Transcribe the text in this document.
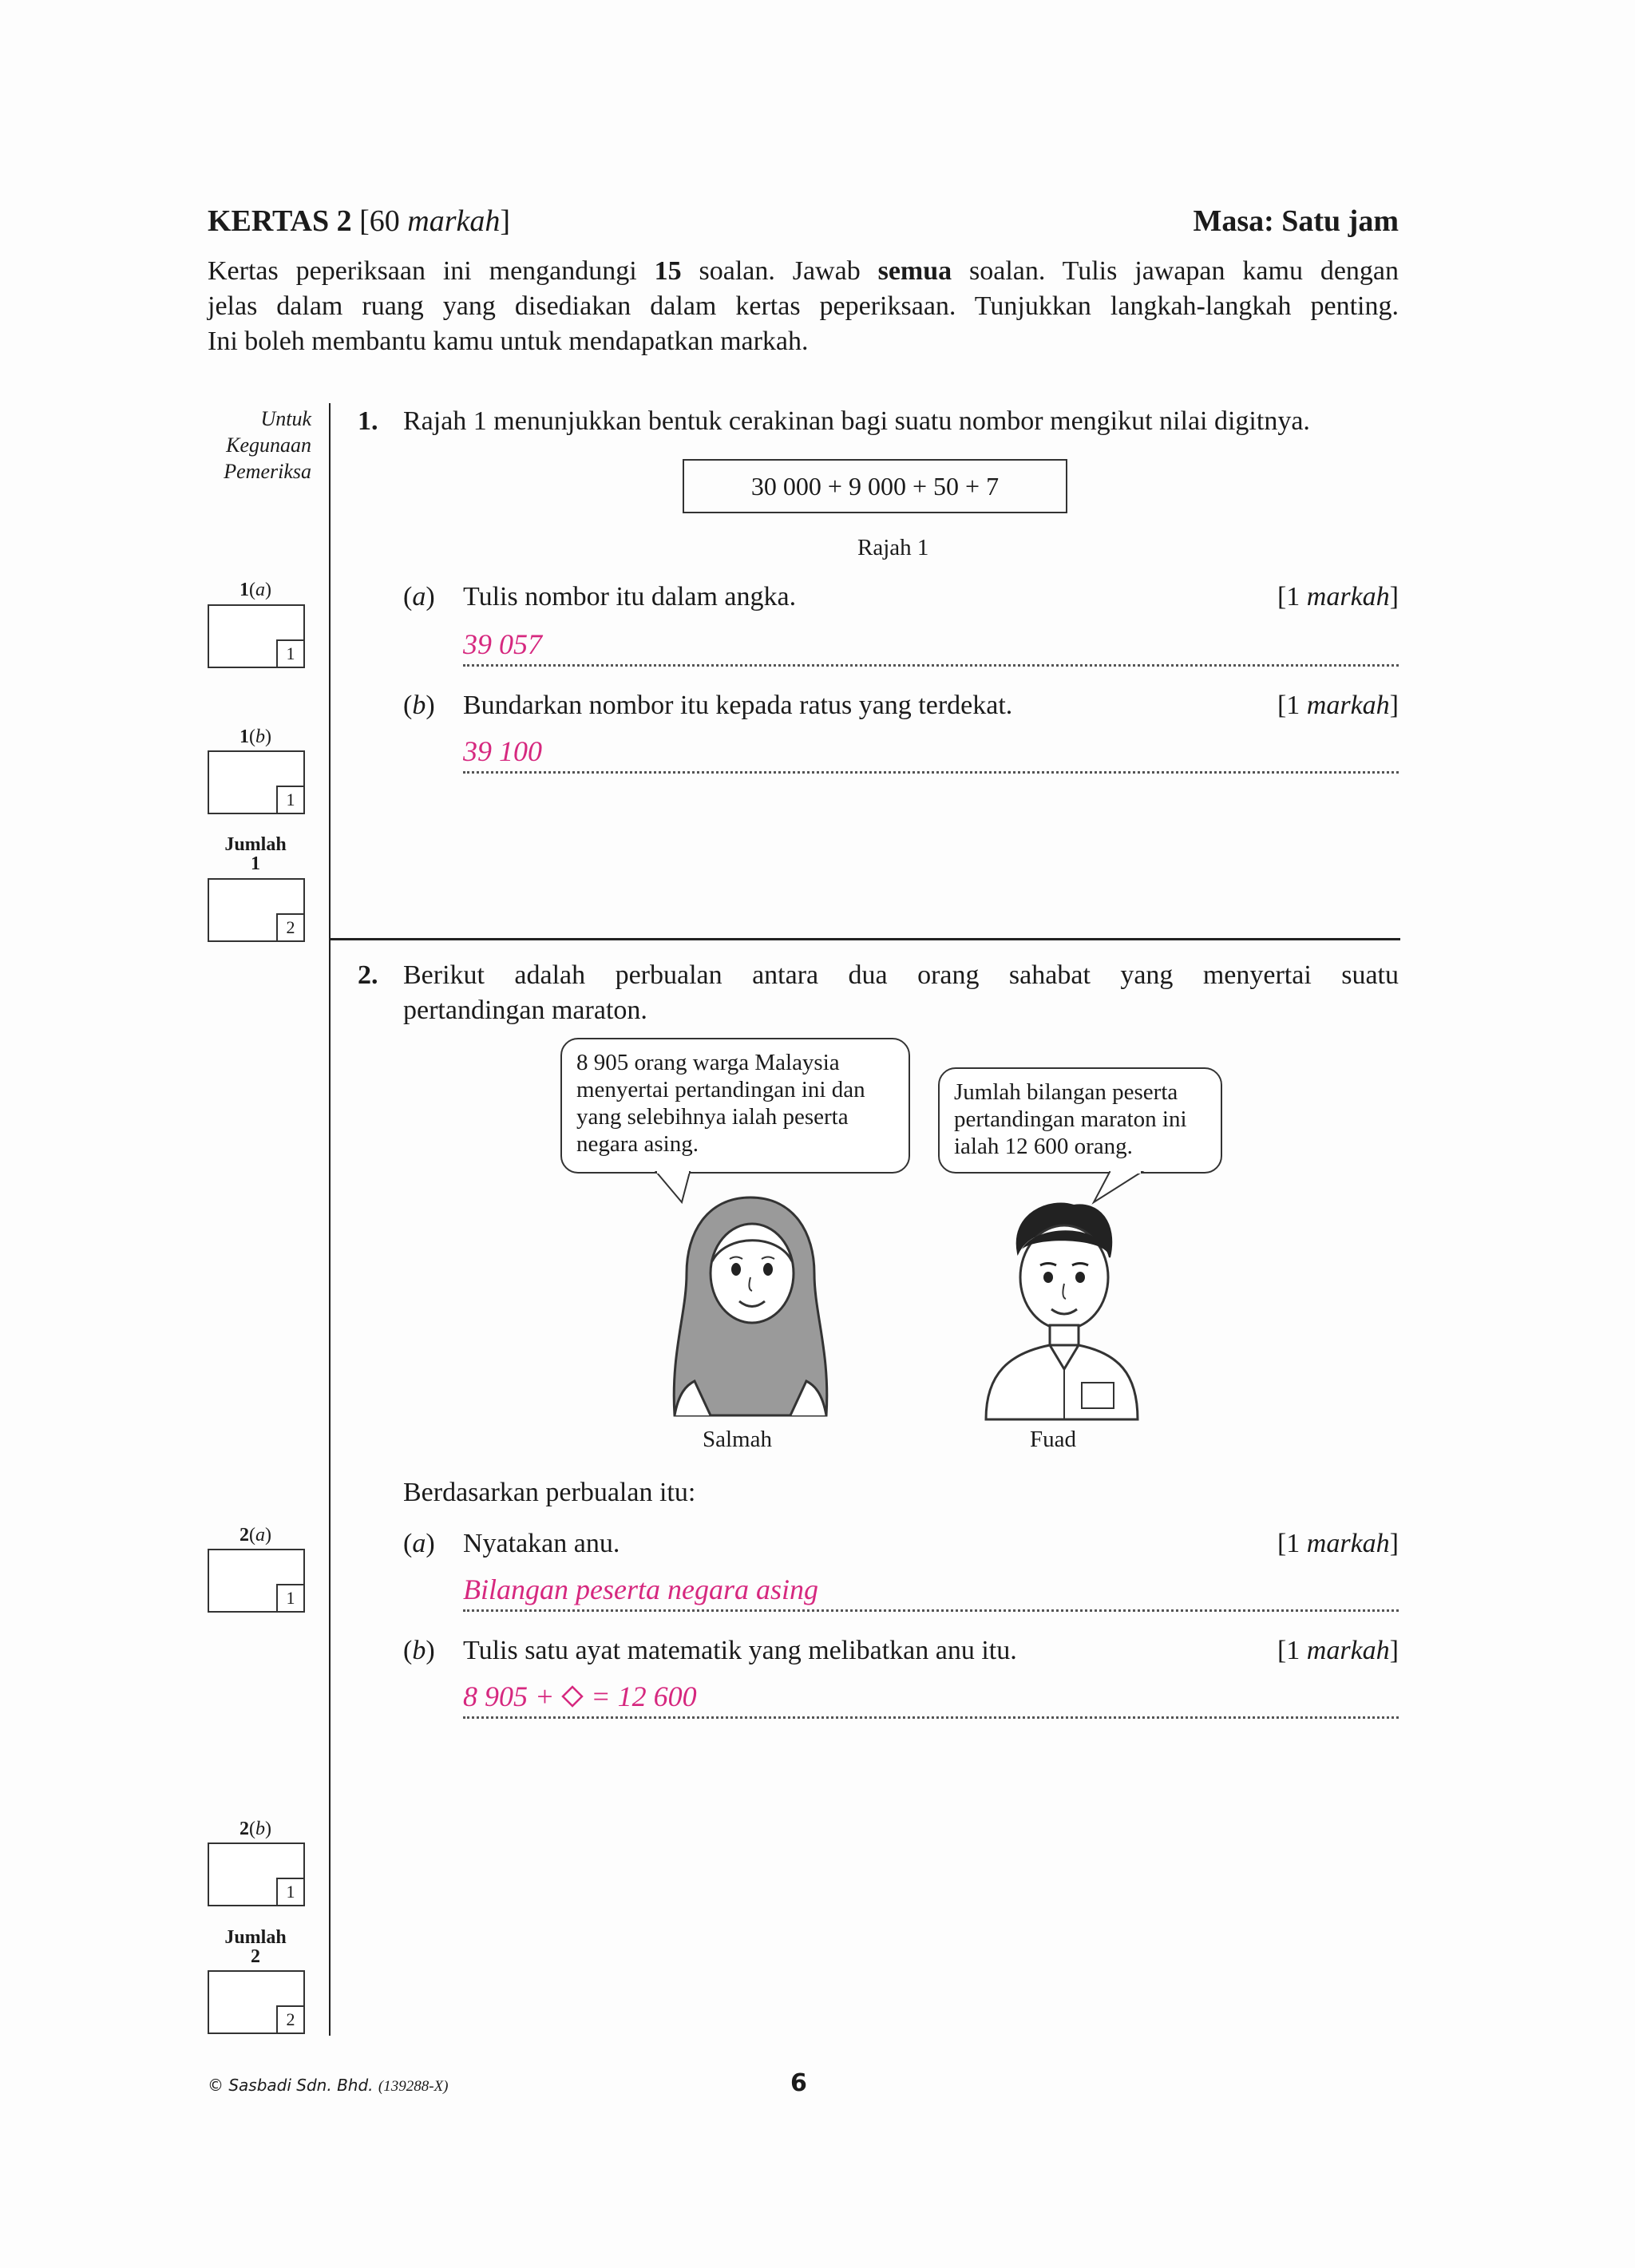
KERTAS 2 [60 markah]	Masa: Satu jam
Kertas peperiksaan ini mengandungi 15 soalan. Jawab semua soalan. Tulis jawapan kamu dengan
jelas dalam ruang yang disediakan dalam kertas peperiksaan. Tunjukkan langkah-langkah penting.
Ini boleh membantu kamu untuk mendapatkan markah.
Untuk
Kegunaan
Pemeriksa
1(a)
1
1(b)
1
Jumlah
1
2
2(a)
1
2(b)
1
Jumlah
2
2
1. Rajah 1 menunjukkan bentuk cerakinan bagi suatu nombor mengikut nilai digitnya.
30 000 + 9 000 + 50 + 7
Rajah 1
(a) Tulis nombor itu dalam angka.	[1 markah]
39 057
(b) Bundarkan nombor itu kepada ratus yang terdekat.	[1 markah]
39 100
2. Berikut adalah perbualan antara dua orang sahabat yang menyertai suatu
pertandingan maraton.
8 905 orang warga Malaysia
menyertai pertandingan ini dan
yang selebihnya ialah peserta
negara asing.
Jumlah bilangan peserta
pertandingan maraton ini
ialah 12 600 orang.
Salmah	Fuad
Berdasarkan perbualan itu:
(a) Nyatakan anu.	[1 markah]
Bilangan peserta negara asing
(b) Tulis satu ayat matematik yang melibatkan anu itu.	[1 markah]
8 905 +  = 12 600
© Sasbadi Sdn. Bhd. (139288-X)	6
